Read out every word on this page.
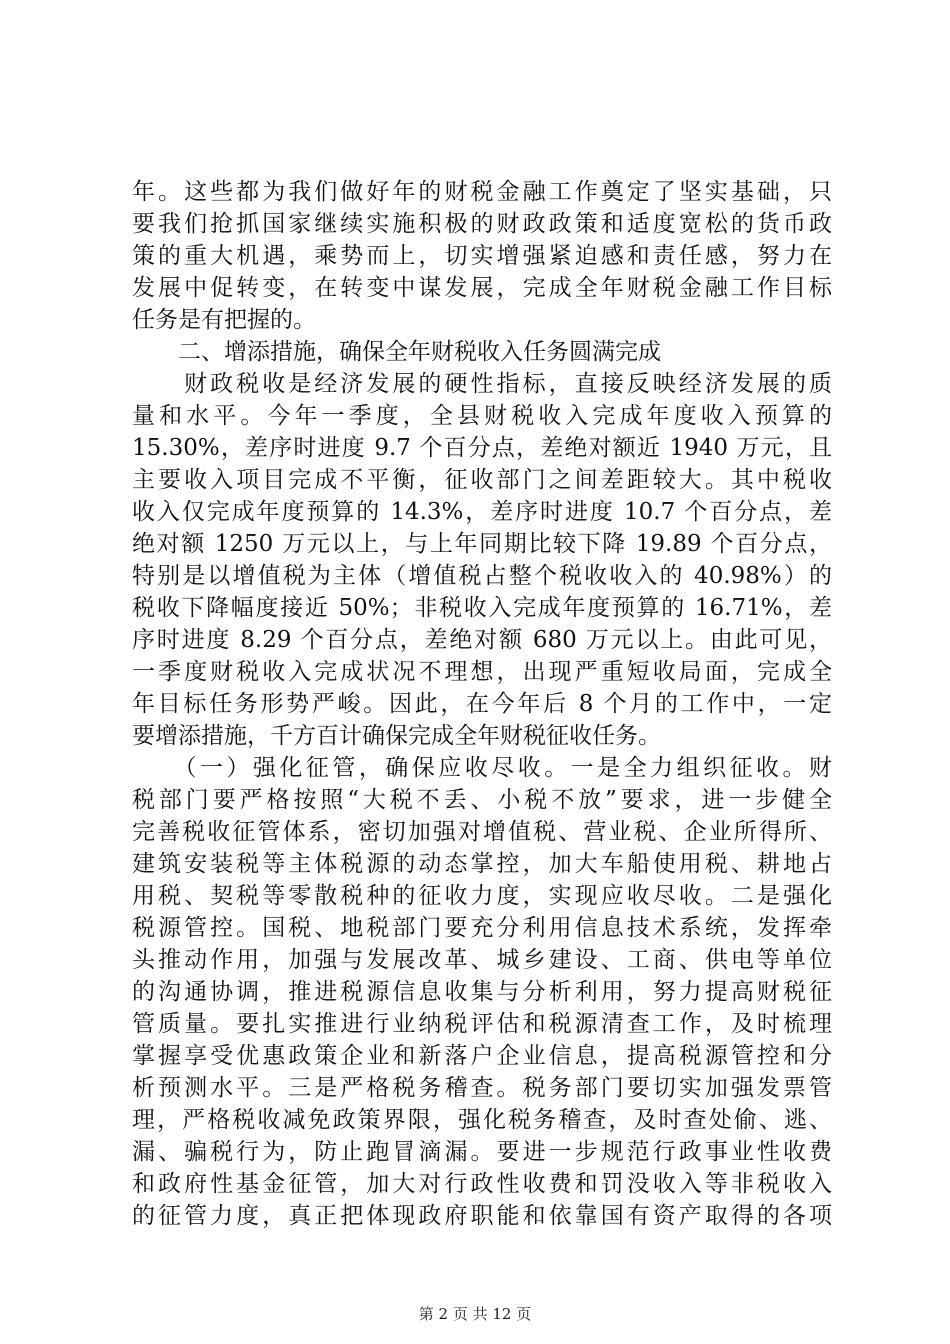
年。这些都为我们做好年的财税金融工作奠定了坚实基础，只
要我们抢抓国家继续实施积极的财政政策和适度宽松的货币政
策的重大机遇，乘势而上，切实增强紧迫感和责任感，努力在
发展中促转变，在转变中谋发展，完成全年财税金融工作目标
任务是有把握的。
　　二、增添措施，确保全年财税收入任务圆满完成
　　财政税收是经济发展的硬性指标，直接反映经济发展的质
量和水平。今年一季度，全县财税收入完成年度收入预算的
15.30%，差序时进度 9.7 个百分点，差绝对额近 1940 万元，且
主要收入项目完成不平衡，征收部门之间差距较大。其中税收
收入仅完成年度预算的 14.3%，差序时进度 10.7 个百分点，差
绝对额 1250 万元以上，与上年同期比较下降 19.89 个百分点，
特别是以增值税为主体（增值税占整个税收收入的 40.98%）的
税收下降幅度接近 50%；非税收入完成年度预算的 16.71%，差
序时进度 8.29 个百分点，差绝对额 680 万元以上。由此可见，
一季度财税收入完成状况不理想，出现严重短收局面，完成全
年目标任务形势严峻。因此，在今年后 8 个月的工作中，一定
要增添措施，千方百计确保完成全年财税征收任务。
　　（一）强化征管，确保应收尽收。一是全力组织征收。财
税部门要严格按照“大税不丢、小税不放”要求，进一步健全
完善税收征管体系，密切加强对增值税、营业税、企业所得所、
建筑安装税等主体税源的动态掌控，加大车船使用税、耕地占
用税、契税等零散税种的征收力度，实现应收尽收。二是强化
税源管控。国税、地税部门要充分利用信息技术系统，发挥牵
头推动作用，加强与发展改革、城乡建设、工商、供电等单位
的沟通协调，推进税源信息收集与分析利用，努力提高财税征
管质量。要扎实推进行业纳税评估和税源清查工作，及时梳理
掌握享受优惠政策企业和新落户企业信息，提高税源管控和分
析预测水平。三是严格税务稽查。税务部门要切实加强发票管
理，严格税收减免政策界限，强化税务稽查，及时查处偷、逃、
漏、骗税行为，防止跑冒滴漏。要进一步规范行政事业性收费
和政府性基金征管，加大对行政性收费和罚没收入等非税收入
的征管力度，真正把体现政府职能和依靠国有资产取得的各项
第 2 页 共 12 页
